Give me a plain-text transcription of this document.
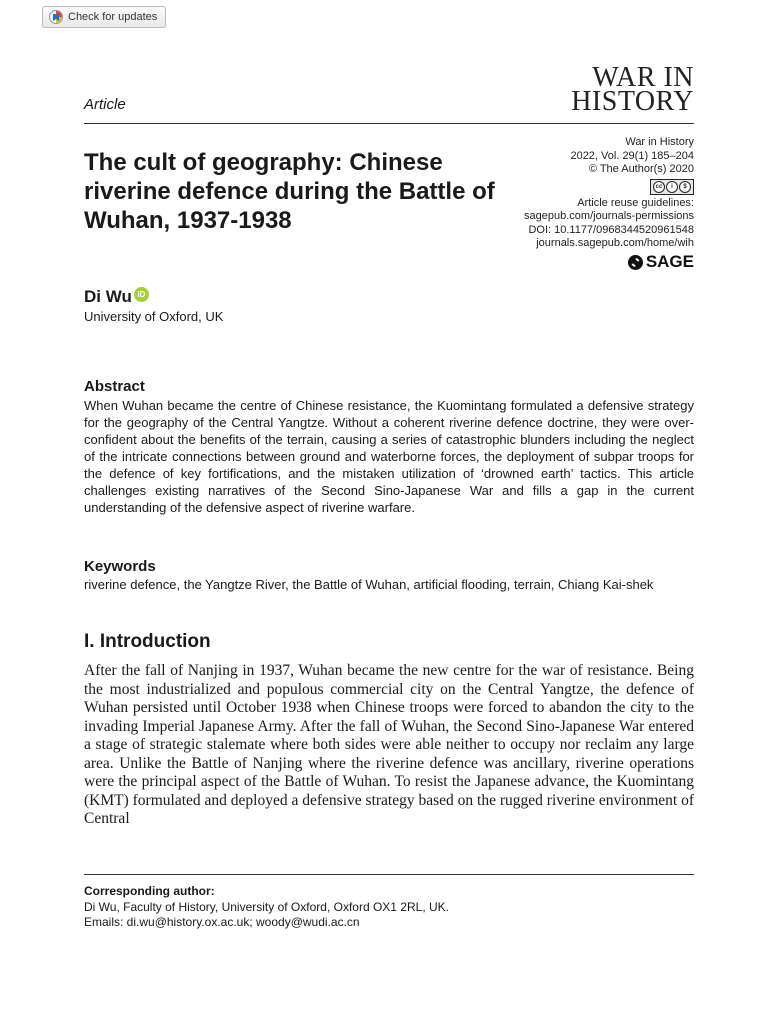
Check for updates
Article
WAR IN
HISTORY
The cult of geography: Chinese riverine defence during the Battle of Wuhan, 1937-1938
War in History
2022, Vol. 29(1) 185–204
© The Author(s) 2020
cc	i	$
Article reuse guidelines:
sagepub.com/journals-permissions
DOI: 10.1177/0968344520961548
journals.sagepub.com/home/wih
SAGE
Di Wu iD
University of Oxford, UK
Abstract

When Wuhan became the centre of Chinese resistance, the Kuomintang formulated a defensive strategy for the geography of the Central Yangtze. Without a coherent riverine defence doctrine, they were over-confident about the benefits of the terrain, causing a series of catastrophic blunders including the neglect of the intricate connections between ground and waterborne forces, the deployment of subpar troops for the defence of key fortifications, and the mistaken utilization of ‘drowned earth’ tactics. This article challenges existing narratives of the Second Sino-Japanese War and fills a gap in the current understanding of the defensive aspect of riverine warfare.

Keywords

riverine defence, the Yangtze River, the Battle of Wuhan, artificial flooding, terrain, Chiang Kai-shek

I. Introduction

After the fall of Nanjing in 1937, Wuhan became the new centre for the war of resistance. Being the most industrialized and populous commercial city on the Central Yangtze, the defence of Wuhan persisted until October 1938 when Chinese troops were forced to abandon the city to the invading Imperial Japanese Army. After the fall of Wuhan, the Second Sino-Japanese War entered a stage of strategic stalemate where both sides were able neither to occupy nor reclaim any large area. Unlike the Battle of Nanjing where the riverine defence was ancillary, riverine operations were the principal aspect of the Battle of Wuhan. To resist the Japanese advance, the Kuomintang (KMT) formulated and deployed a defensive strategy based on the rugged riverine environment of Central

Corresponding author:
Di Wu, Faculty of History, University of Oxford, Oxford OX1 2RL, UK.
Emails: di.wu@history.ox.ac.uk; woody@wudi.ac.cn
